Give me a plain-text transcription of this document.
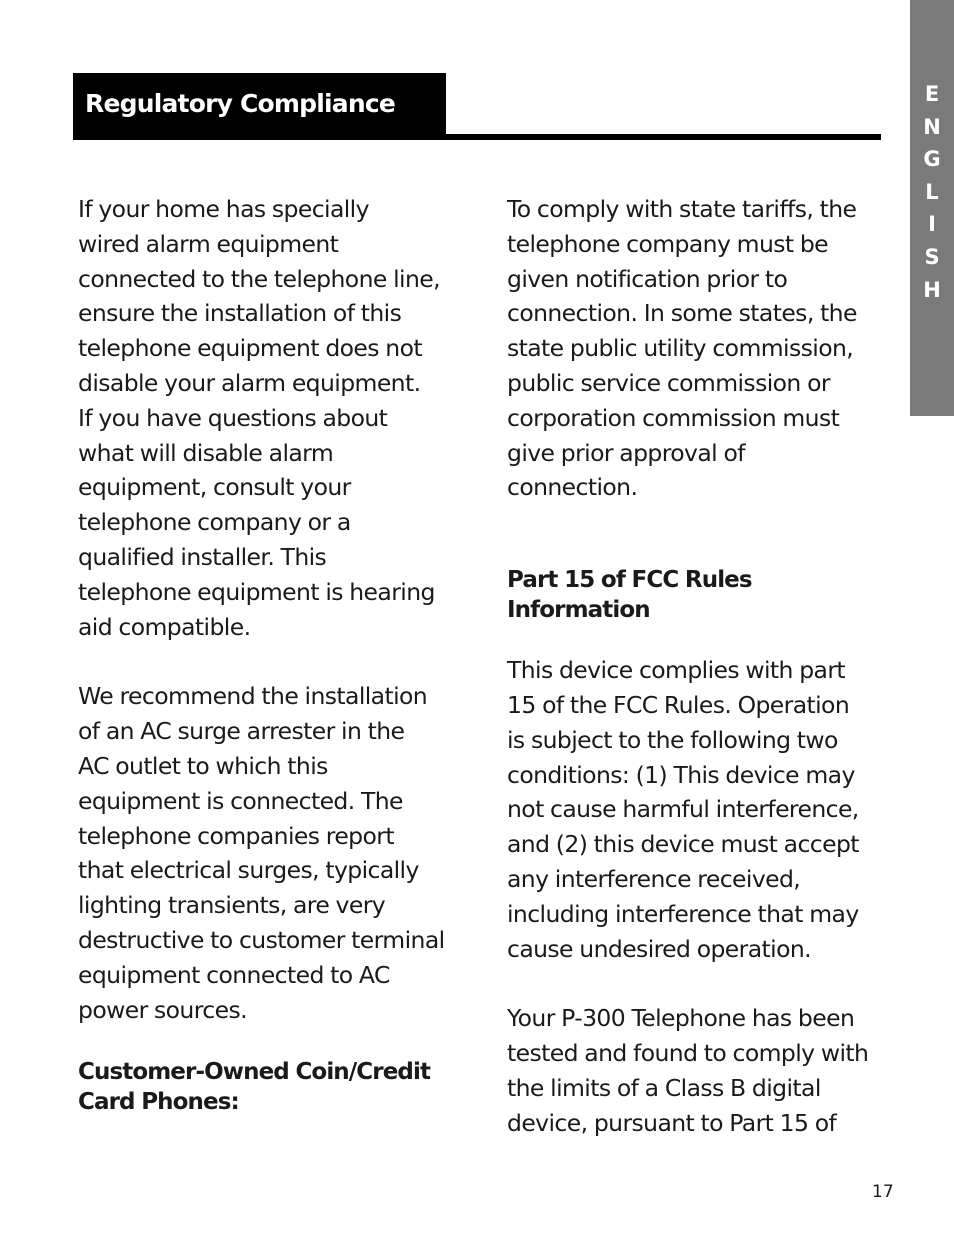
Regulatory Compliance	E
N
G
L
I
S
H

If your home has specially
wired alarm equipment
connected to the telephone line,
ensure the installation of this
telephone equipment does not
disable your alarm equipment.
If you have questions about
what will disable alarm
equipment, consult your
telephone company or a
qualified installer. This
telephone equipment is hearing
aid compatible.

We recommend the installation
of an AC surge arrester in the
AC outlet to which this
equipment is connected. The
telephone companies report
that electrical surges, typically
lighting transients, are very
destructive to customer terminal
equipment connected to AC
power sources.

Customer-Owned Coin/Credit
Card Phones:

To comply with state tariffs, the
telephone company must be
given notification prior to
connection. In some states, the
state public utility commission,
public service commission or
corporation commission must
give prior approval of
connection.

Part 15 of FCC Rules
Information

This device complies with part
15 of the FCC Rules. Operation
is subject to the following two
conditions: (1) This device may
not cause harmful interference,
and (2) this device must accept
any interference received,
including interference that may
cause undesired operation.

Your P-300 Telephone has been
tested and found to comply with
the limits of a Class B digital
device, pursuant to Part 15 of

17
